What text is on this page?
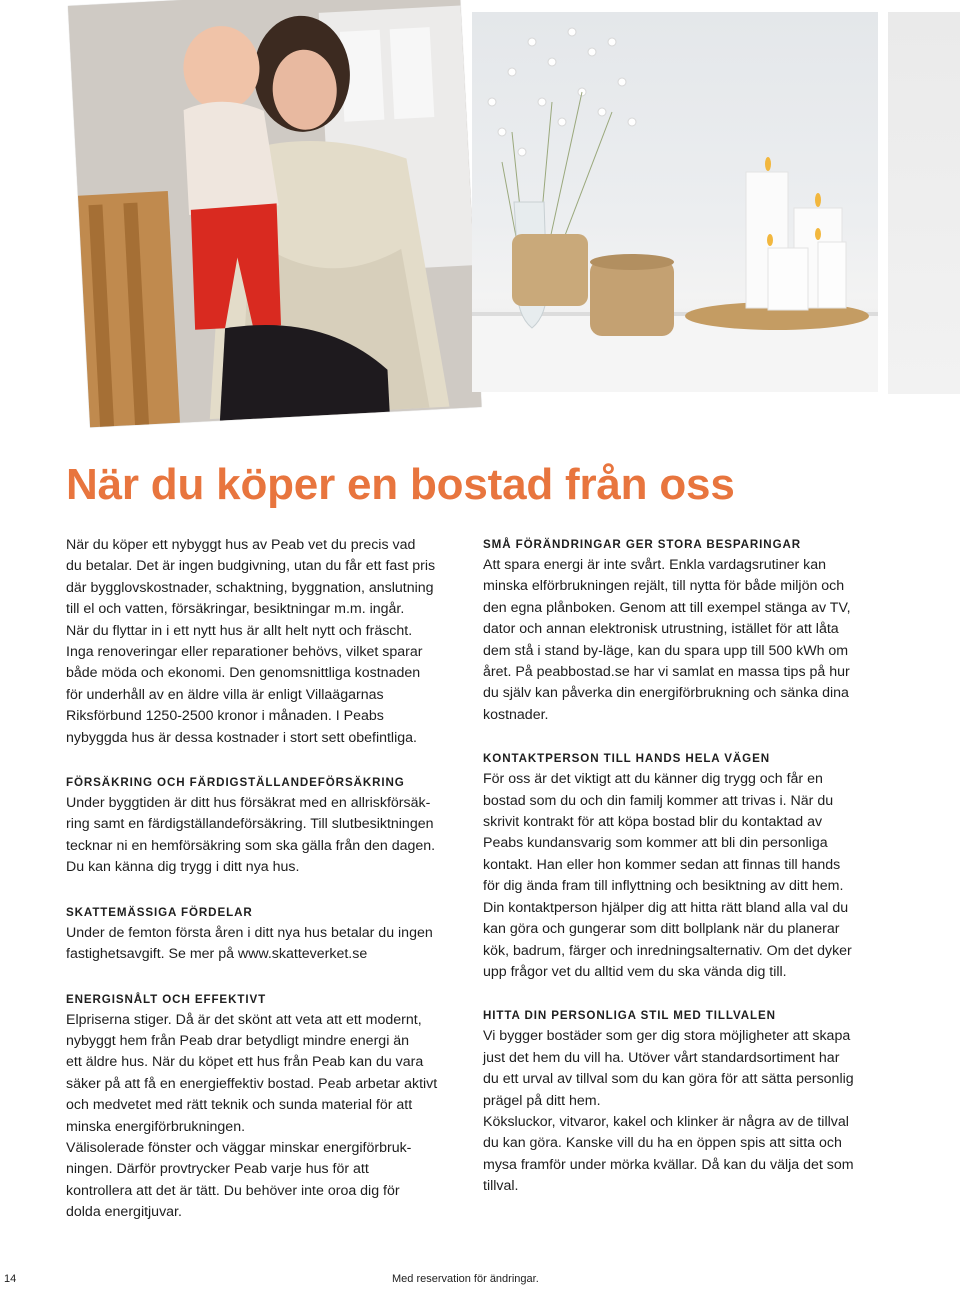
När du köper en bostad från oss

När du köper ett nybyggt hus av Peab vet du precis vad
du betalar. Det är ingen budgivning, utan du får ett fast pris
där bygglovskostnader, schaktning, byggnation, anslutning
till el och vatten, försäkringar, besiktningar m.m. ingår.
När du flyttar in i ett nytt hus är allt helt nytt och fräscht.
Inga renoveringar eller reparationer behövs, vilket sparar
både möda och ekonomi. Den genomsnittliga kostnaden
för underhåll av en äldre villa är enligt Villaägarnas
Riksförbund 1250-2500 kronor i månaden. I Peabs
nybyggda hus är dessa kostnader i stort sett obefintliga.

FÖRSÄKRING OCH FÄRDIGSTÄLLANDEFÖRSÄKRING

Under byggtiden är ditt hus försäkrat med en allriskförsäk-
ring samt en färdigställandeförsäkring. Till slutbesiktningen
tecknar ni en hemförsäkring som ska gälla från den dagen.
Du kan känna dig trygg i ditt nya hus.

SKATTEMÄSSIGA FÖRDELAR

Under de femton första åren i ditt nya hus betalar du ingen
fastighetsavgift. Se mer på www.skatteverket.se

ENERGISNÅLT OCH EFFEKTIVT

Elpriserna stiger. Då är det skönt att veta att ett modernt,
nybyggt hem från Peab drar betydligt mindre energi än
ett äldre hus. När du köpet ett hus från Peab kan du vara
säker på att få en energieffektiv bostad. Peab arbetar aktivt
och medvetet med rätt teknik och sunda material för att
minska energiförbrukningen.
Välisolerade fönster och väggar minskar energiförbruk-
ningen. Därför provtrycker Peab varje hus för att
kontrollera att det är tätt. Du behöver inte oroa dig för
dolda energitjuvar.

SMÅ FÖRÄNDRINGAR GER STORA BESPARINGAR

Att spara energi är inte svårt. Enkla vardagsrutiner kan
minska elförbrukningen rejält, till nytta för både miljön och
den egna plånboken. Genom att till exempel stänga av TV,
dator och annan elektronisk utrustning, istället för att låta
dem stå i stand by-läge, kan du spara upp till 500 kWh om
året. På peabbostad.se har vi samlat en massa tips på hur
du själv kan påverka din energiförbrukning och sänka dina
kostnader.

KONTAKTPERSON TILL HANDS HELA VÄGEN

För oss är det viktigt att du känner dig trygg och får en
bostad som du och din familj kommer att trivas i. När du
skrivit kontrakt för att köpa bostad blir du kontaktad av
Peabs kundansvarig som kommer att bli din personliga
kontakt. Han eller hon kommer sedan att finnas till hands
för dig ända fram till inflyttning och besiktning av ditt hem.
Din kontaktperson hjälper dig att hitta rätt bland alla val du
kan göra och gungerar som ditt bollplank när du planerar
kök, badrum, färger och inredningsalternativ. Om det dyker
upp frågor vet du alltid vem du ska vända dig till.

HITTA DIN PERSONLIGA STIL MED TILLVALEN

Vi bygger bostäder som ger dig stora möjligheter att skapa
just det hem du vill ha. Utöver vårt standardsortiment har
du ett urval av tillval som du kan göra för att sätta personlig
prägel på ditt hem.
Köksluckor, vitvaror, kakel och klinker är några av de tillval
du kan göra. Kanske vill du ha en öppen spis att sitta och
mysa framför under mörka kvällar. Då kan du välja det som
tillval.

14	Med reservation för ändringar.
